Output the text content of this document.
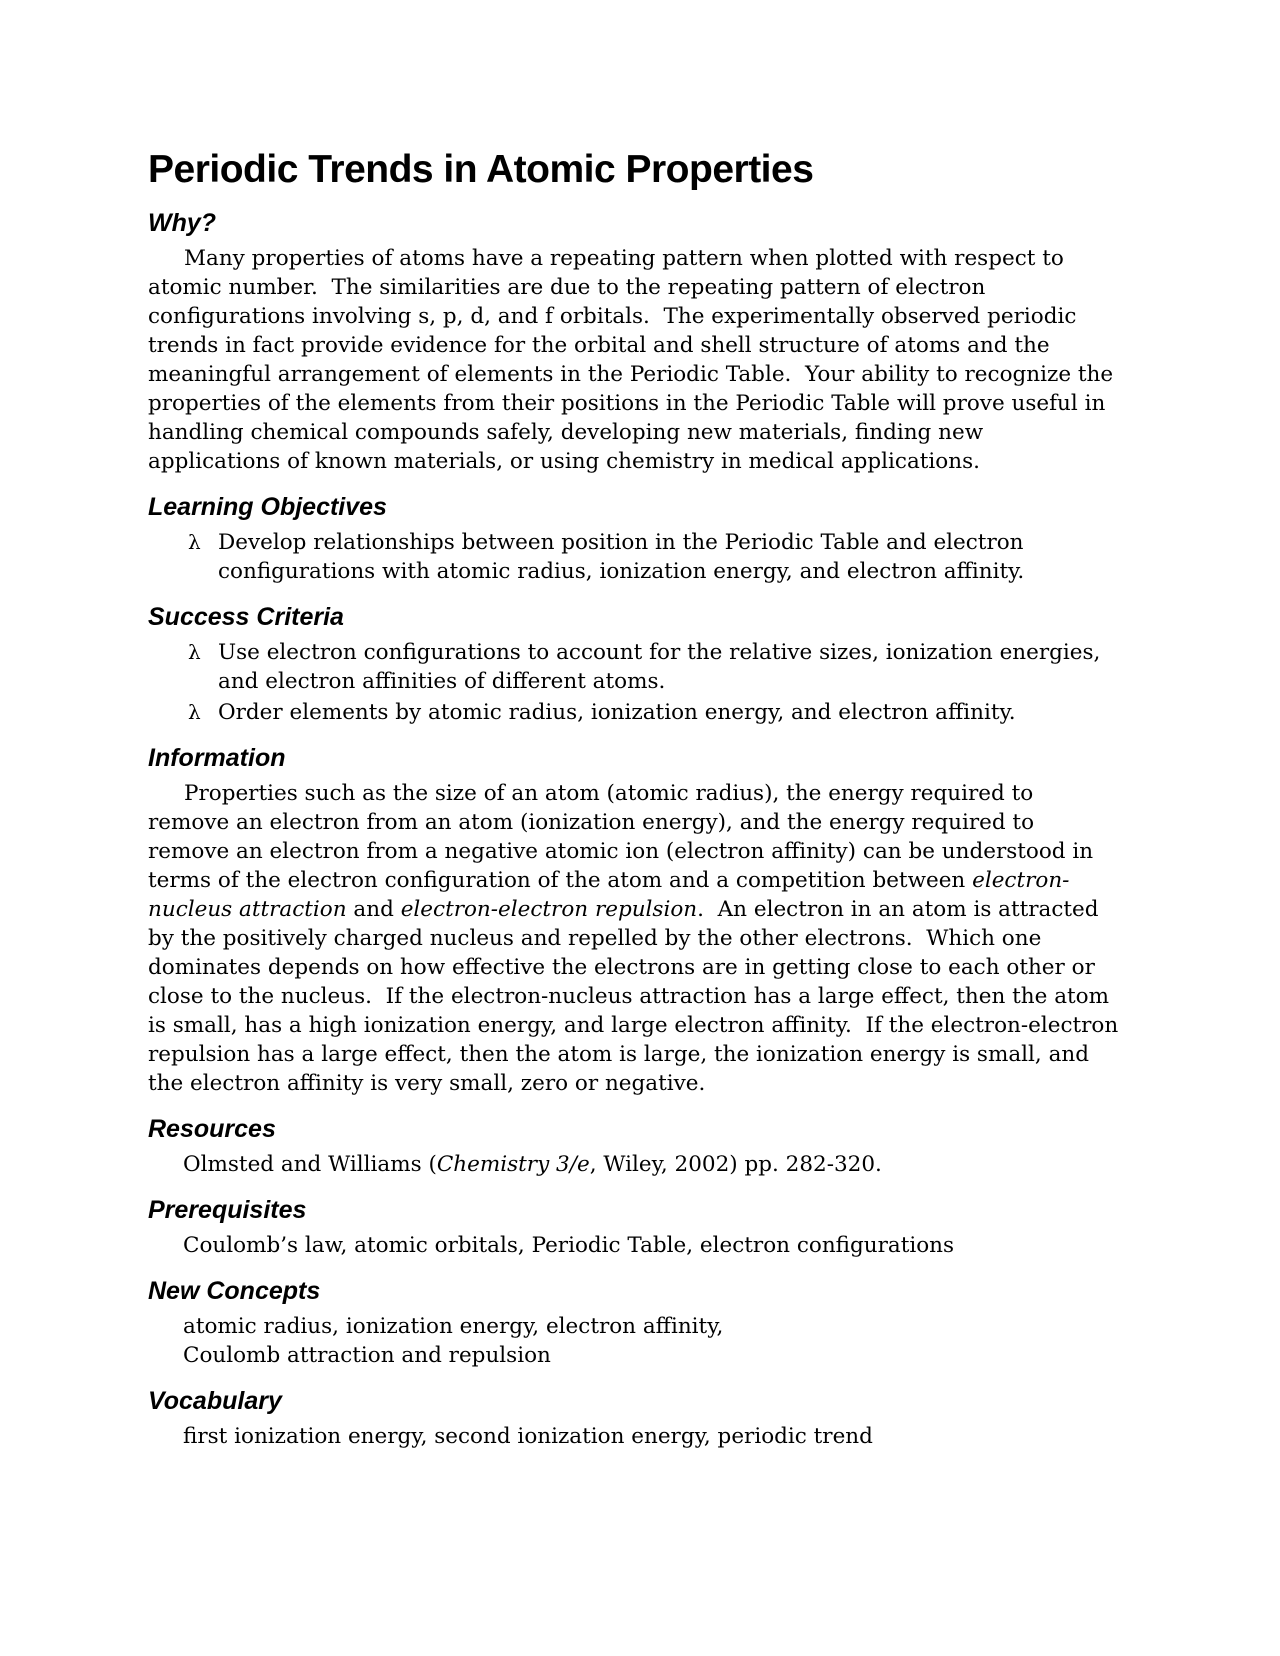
Periodic Trends in Atomic Properties
Why?

Many properties of atoms have a repeating pattern when plotted with respect to atomic number.  The similarities are due to the repeating pattern of electron configurations involving s, p, d, and f orbitals.  The experimentally observed periodic trends in fact provide evidence for the orbital and shell structure of atoms and the meaningful arrangement of elements in the Periodic Table.  Your ability to recognize the properties of the elements from their positions in the Periodic Table will prove useful in handling chemical compounds safely, developing new materials, finding new applications of known materials, or using chemistry in medical applications.

Learning Objectives
λ Develop relationships between position in the Periodic Table and electron configurations with atomic radius, ionization energy, and electron affinity.
Success Criteria
λ Use electron configurations to account for the relative sizes, ionization energies, and electron affinities of different atoms.
λ Order elements by atomic radius, ionization energy, and electron affinity.
Information

Properties such as the size of an atom (atomic radius), the energy required to remove an electron from an atom (ionization energy), and the energy required to remove an electron from a negative atomic ion (electron affinity) can be understood in terms of the electron configuration of the atom and a competition between electron-nucleus attraction and electron-electron repulsion.  An electron in an atom is attracted by the positively charged nucleus and repelled by the other electrons.  Which one dominates depends on how effective the electrons are in getting close to each other or close to the nucleus.  If the electron-nucleus attraction has a large effect, then the atom is small, has a high ionization energy, and large electron affinity.  If the electron-electron repulsion has a large effect, then the atom is large, the ionization energy is small, and the electron affinity is very small, zero or negative.

Resources

Olmsted and Williams (Chemistry 3/e, Wiley, 2002) pp. 282-320.

Prerequisites

Coulomb’s law, atomic orbitals, Periodic Table, electron configurations

New Concepts

atomic radius, ionization energy, electron affinity,

Coulomb attraction and repulsion

Vocabulary

first ionization energy, second ionization energy, periodic trend
